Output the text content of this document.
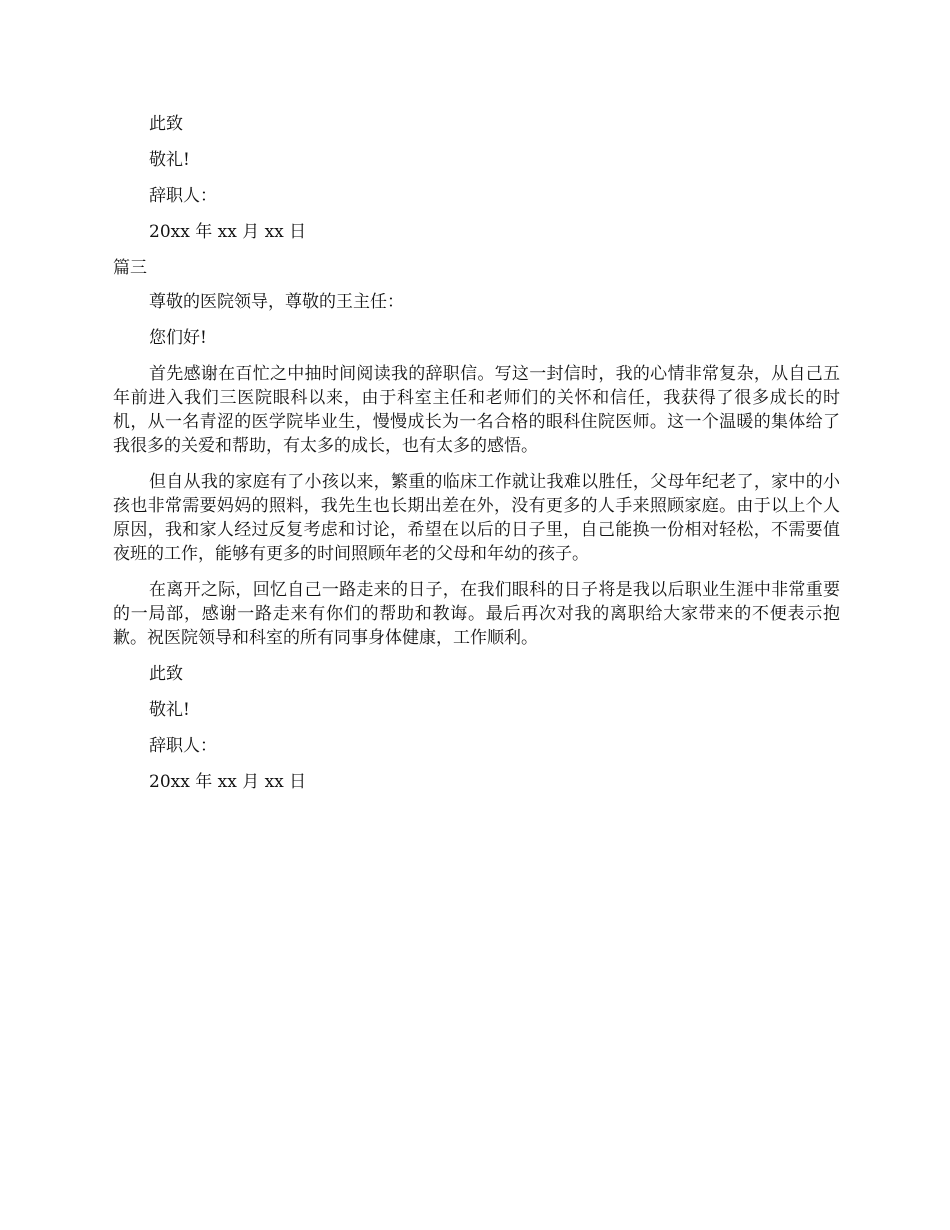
此致
敬礼!
辞职人：
20xx 年 xx 月 xx 日
篇三
尊敬的医院领导，尊敬的王主任：
您们好!

首先感谢在百忙之中抽时间阅读我的辞职信。写这一封信时，我的心情非常复杂，从自己五年前进入我们三医院眼科以来，由于科室主任和老师们的关怀和信任，我获得了很多成长的时机，从一名青涩的医学院毕业生，慢慢成长为一名合格的眼科住院医师。这一个温暖的集体给了我很多的关爱和帮助，有太多的成长，也有太多的感悟。

但自从我的家庭有了小孩以来，繁重的临床工作就让我难以胜任，父母年纪老了，家中的小孩也非常需要妈妈的照料，我先生也长期出差在外，没有更多的人手来照顾家庭。由于以上个人原因，我和家人经过反复考虑和讨论，希望在以后的日子里，自己能换一份相对轻松，不需要值夜班的工作，能够有更多的时间照顾年老的父母和年幼的孩子。

在离开之际，回忆自己一路走来的日子，在我们眼科的日子将是我以后职业生涯中非常重要的一局部，感谢一路走来有你们的帮助和教诲。最后再次对我的离职给大家带来的不便表示抱歉。祝医院领导和科室的所有同事身体健康，工作顺利。

此致
敬礼!
辞职人：
20xx 年 xx 月 xx 日
